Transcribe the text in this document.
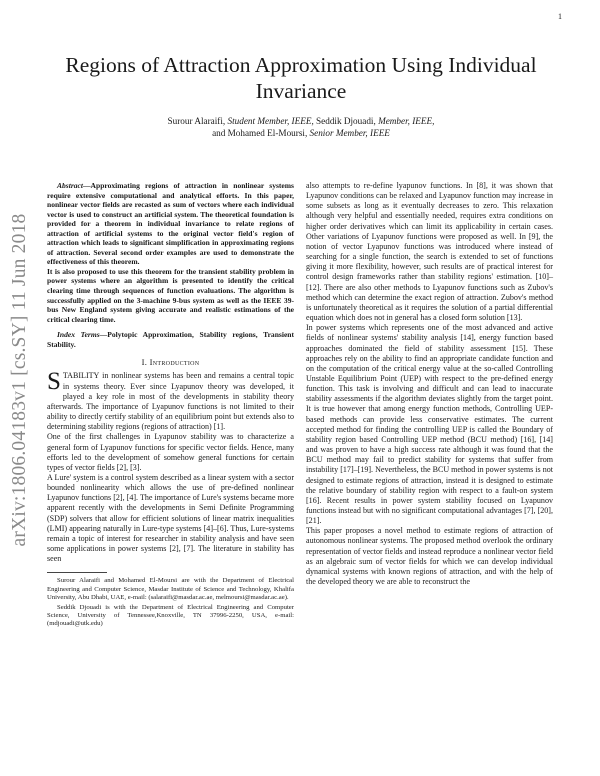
1
arXiv:1806.04183v1 [cs.SY] 11 Jun 2018
Regions of Attraction Approximation Using Individual Invariance
Surour Alaraifi, Student Member, IEEE, Seddik Djouadi, Member, IEEE,
and Mohamed El-Moursi, Senior Member, IEEE

Abstract—Approximating regions of attraction in nonlinear systems require extensive computational and analytical efforts. In this paper, nonlinear vector fields are recasted as sum of vectors where each individual vector is used to construct an artificial system. The theoretical foundation is provided for a theorem in individual invariance to relate regions of attraction of artificial systems to the original vector field's region of attraction which leads to significant simplification in approximating regions of attraction. Several second order examples are used to demonstrate the effectiveness of this theorem.

It is also proposed to use this theorem for the transient stability problem in power systems where an algorithm is presented to identify the critical clearing time through sequences of function evaluations. The algorithm is successfully applied on the 3-machine 9-bus system as well as the IEEE 39-bus New England system giving accurate and realistic estimations of the critical clearing time.

Index Terms—Polytopic Approximation, Stability regions, Transient Stability.

I. Introduction

STABILITY in nonlinear systems has been and remains a central topic in systems theory. Ever since Lyapunov theory was developed, it played a key role in most of the developments in stability theory afterwards. The importance of Lyapunov functions is not limited to their ability to directly certify stability of an equilibrium point but extends also to determining stability regions (regions of attraction) [1].

One of the first challenges in Lyapunov stability was to characterize a general form of Lyapunov functions for specific vector fields. Hence, many efforts led to the development of somehow general functions for certain types of vector fields [2], [3].

A Lure' system is a control system described as a linear system with a sector bounded nonlinearity which allows the use of pre-defined nonlinear Lyapunov functions [2], [4]. The importance of Lure's systems became more apparent recently with the developments in Semi Definite Programming (SDP) solvers that allow for efficient solutions of linear matrix inequalities (LMI) appearing naturally in Lure-type systems [4]–[6]. Thus, Lure-systems remain a topic of interest for researcher in stability analysis and have seen some applications in power systems [2], [7]. The literature in stability has seen

Surour Alaraifi and Mohamed El-Moursi are with the Department of Electrical Engineering and Computer Science, Masdar Institute of Science and Technology, Khalifa University, Abu Dhabi, UAE, e-mail: (salaraifi@masdar.ac.ae, melmoursi@masdar.ac.ae).

Seddik Djouadi is with the Department of Electrical Engineering and Computer Science, University of Tennessee,Knoxville, TN 37996-2250, USA, e-mail: (mdjouadi@utk.edu)

also attempts to re-define lyapunov functions. In [8], it was shown that Lyapunov conditions can be relaxed and Lyapunov function may increase in some subsets as long as it eventually decreases to zero. This relaxation although very helpful and essentially needed, requires extra conditions on higher order derivatives which can limit its applicability in certain cases. Other variations of Lyapunov functions were proposed as well. In [9], the notion of vector Lyapunov functions was introduced where instead of searching for a single function, the search is extended to set of functions giving it more flexibility, however, such results are of practical interest for control design frameworks rather than stability regions' estimation. [10]–[12]. There are also other methods to Lyapunov functions such as Zubov's method which can determine the exact region of attraction. Zubov's method is unfortunately theoretical as it requires the solution of a partial differential equation which does not in general has a closed form solution [13].

In power systems which represents one of the most advanced and active fields of nonlinear systems' stability analysis [14], energy function based approaches dominated the field of stability assessment [15]. These approaches rely on the ability to find an appropriate candidate function and on the computation of the critical energy value at the so-called Controlling Unstable Equilibrium Point (UEP) with respect to the pre-defined energy function. This task is involving and difficult and can lead to inaccurate stability assessments if the algorithm deviates slightly from the target point. It is true however that among energy function methods, Controlling UEP-based methods can provide less conservative estimates. The current accepted method for finding the controlling UEP is called the Boundary of stability region based Controlling UEP method (BCU method) [16], [14] and was proven to have a high success rate although it was found that the BCU method may fail to predict stability for systems that suffer from instability [17]–[19]. Nevertheless, the BCU method in power systems is not designed to estimate regions of attraction, instead it is designed to estimate the relative boundary of stability region with respect to a fault-on system [16]. Recent results in power system stability focused on Lyapunov functions instead but with no significant computational advantages [7], [20], [21].

This paper proposes a novel method to estimate regions of attraction of autonomous nonlinear systems. The proposed method overlook the ordinary representation of vector fields and instead reproduce a nonlinear vector field as an algebraic sum of vector fields for which we can develop individual dynamical systems with known regions of attraction, and with the help of the developed theory we are able to reconstruct the
